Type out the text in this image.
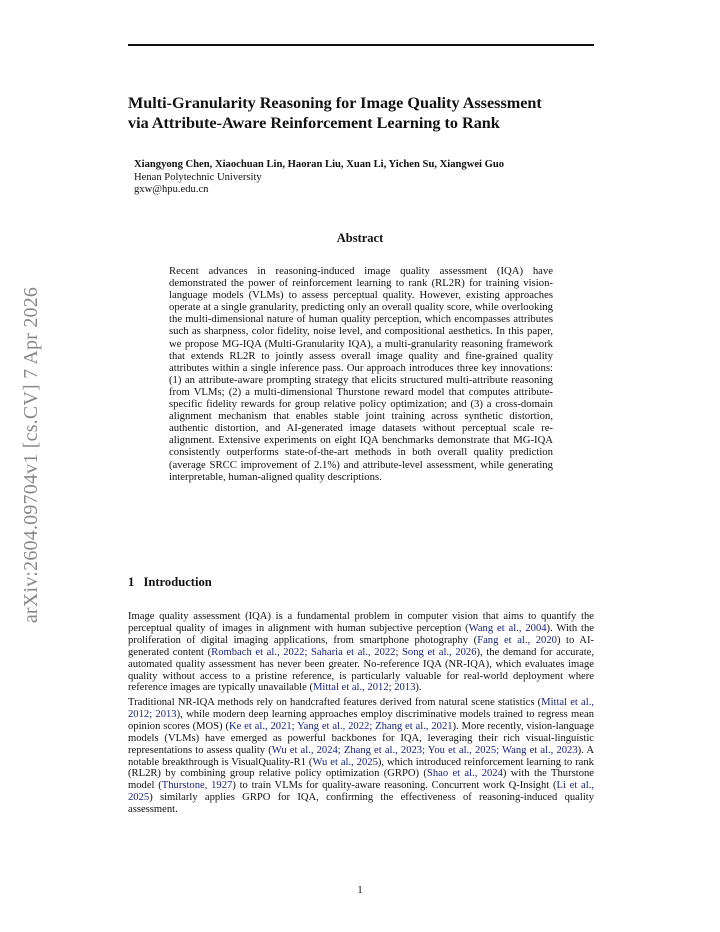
arXiv:2604.09704v1 [cs.CV] 7 Apr 2026
Multi-Granularity Reasoning for Image Quality Assessment
via Attribute-Aware Reinforcement Learning to Rank
Xiangyong Chen, Xiaochuan Lin, Haoran Liu, Xuan Li, Yichen Su, Xiangwei Guo
Henan Polytechnic University
gxw@hpu.edu.cn
Abstract

Recent advances in reasoning-induced image quality assessment (IQA) have demonstrated the power of reinforcement learning to rank (RL2R) for training vision-language models (VLMs) to assess perceptual quality. However, existing approaches operate at a single granularity, predicting only an overall quality score, while overlooking the multi-dimensional nature of human quality perception, which encompasses attributes such as sharpness, color fidelity, noise level, and compositional aesthetics. In this paper, we propose MG-IQA (Multi-Granularity IQA), a multi-granularity reasoning framework that extends RL2R to jointly assess overall image quality and fine-grained quality attributes within a single inference pass. Our approach introduces three key innovations: (1) an attribute-aware prompting strategy that elicits structured multi-attribute reasoning from VLMs; (2) a multi-dimensional Thurstone reward model that computes attribute-specific fidelity rewards for group relative policy optimization; and (3) a cross-domain alignment mechanism that enables stable joint training across synthetic distortion, authentic distortion, and AI-generated image datasets without perceptual scale re-alignment. Extensive experiments on eight IQA benchmarks demonstrate that MG-IQA consistently outperforms state-of-the-art methods in both overall quality prediction (average SRCC improvement of 2.1%) and attribute-level assessment, while generating interpretable, human-aligned quality descriptions.

1 Introduction

Image quality assessment (IQA) is a fundamental problem in computer vision that aims to quantify the perceptual quality of images in alignment with human subjective perception (Wang et al., 2004). With the proliferation of digital imaging applications, from smartphone photography (Fang et al., 2020) to AI-generated content (Rombach et al., 2022; Saharia et al., 2022; Song et al., 2026), the demand for accurate, automated quality assessment has never been greater. No-reference IQA (NR-IQA), which evaluates image quality without access to a pristine reference, is particularly valuable for real-world deployment where reference images are typically unavailable (Mittal et al., 2012; 2013).

Traditional NR-IQA methods rely on handcrafted features derived from natural scene statistics (Mittal et al., 2012; 2013), while modern deep learning approaches employ discriminative models trained to regress mean opinion scores (MOS) (Ke et al., 2021; Yang et al., 2022; Zhang et al., 2021). More recently, vision-language models (VLMs) have emerged as powerful backbones for IQA, leveraging their rich visual-linguistic representations to assess quality (Wu et al., 2024; Zhang et al., 2023; You et al., 2025; Wang et al., 2023). A notable breakthrough is VisualQuality-R1 (Wu et al., 2025), which introduced reinforcement learning to rank (RL2R) by combining group relative policy optimization (GRPO) (Shao et al., 2024) with the Thurstone model (Thurstone, 1927) to train VLMs for quality-aware reasoning. Concurrent work Q-Insight (Li et al., 2025) similarly applies GRPO for IQA, confirming the effectiveness of reasoning-induced quality assessment.

1
